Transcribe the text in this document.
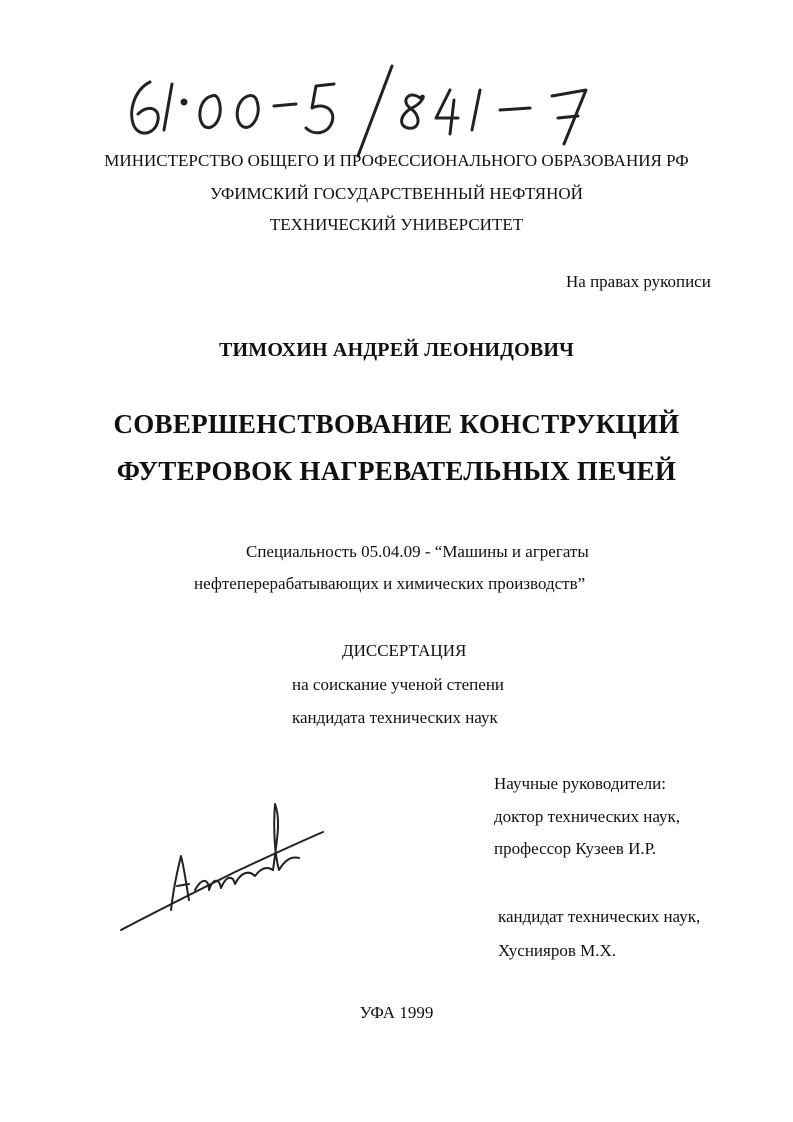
МИНИСТЕРСТВО ОБЩЕГО И ПРОФЕССИОНАЛЬНОГО ОБРАЗОВАНИЯ РФ
УФИМСКИЙ ГОСУДАРСТВЕННЫЙ НЕФТЯНОЙ
ТЕХНИЧЕСКИЙ УНИВЕРСИТЕТ
На правах рукописи
ТИМОХИН АНДРЕЙ ЛЕОНИДОВИЧ
СОВЕРШЕНСТВОВАНИЕ КОНСТРУКЦИЙ
ФУТЕРОВОК НАГРЕВАТЕЛЬНЫХ ПЕЧЕЙ
Специальность 05.04.09 - “Машины и агрегаты
нефтеперерабатывающих и химических производств”
ДИССЕРТАЦИЯ
на соискание ученой степени
кандидата технических наук
Научные руководители:
доктор технических наук,
профессор Кузеев И.Р.
кандидат технических наук,
Хуснияров М.Х.
УФА 1999
